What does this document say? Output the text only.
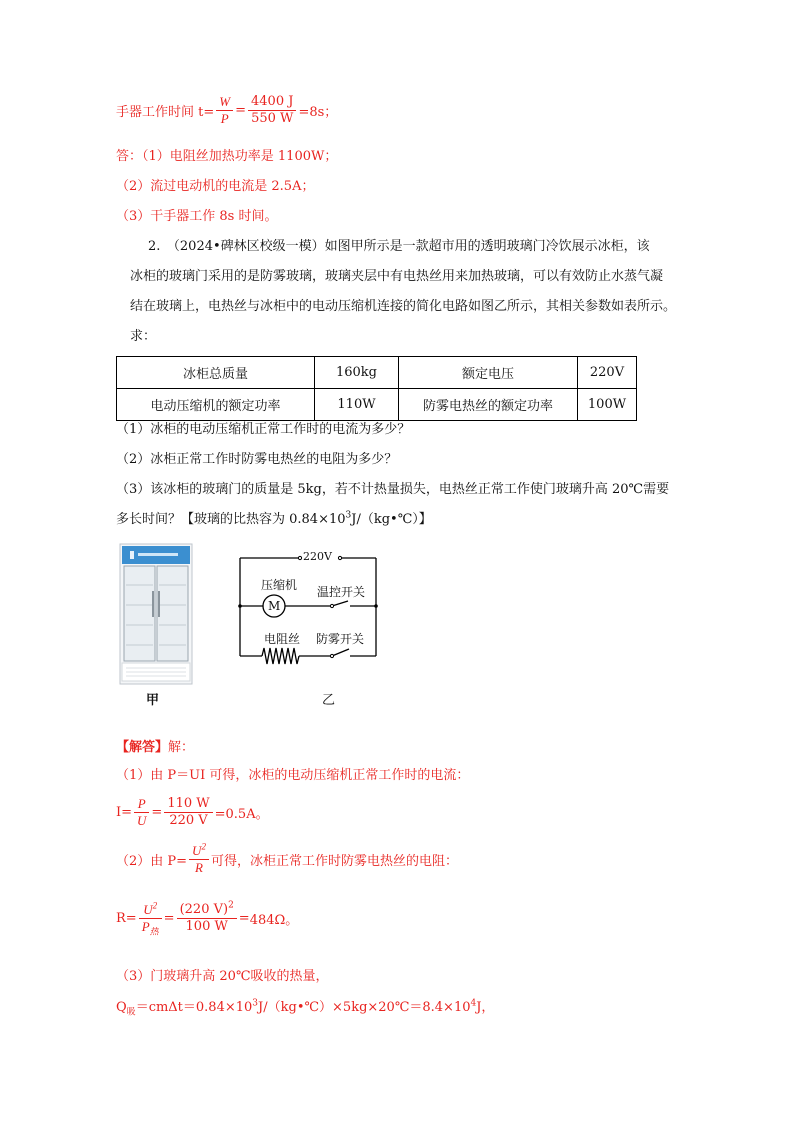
手器工作时间 $t= \frac{W}{P} = \frac{4400 J}{550 W} =8s$；
答：（1）电阻丝加热功率是 1100W；
（2）流过电动机的电流是 2.5A；
（3）干手器工作 8s 时间。
2.　（2024•碑林区校级一模）如图甲所示是一款超市用的透明玻璃门冷饮展示冰柜，该
冰柜的玻璃门采用的是防雾玻璃，玻璃夹层中有电热丝用来加热玻璃，可以有效防止水蒸气凝
结在玻璃上，电热丝与冰柜中的电动压缩机连接的简化电路如图乙所示，其相关参数如表所示。
求：
冰柜总质量	160kg	额定电压	220V
电动压缩机的额定功率	110W	防雾电热丝的额定功率	100W
（1）冰柜的电动压缩机正常工作时的电流为多少？
（2）冰柜正常工作时防雾电热丝的电阻为多少？
（3）该冰柜的玻璃门的质量是 5kg，若不计热量损失，电热丝正常工作使门玻璃升高 20℃需要
多长时间？【玻璃的比热容为 $0.84\times 10^3J/(kg•℃)$】
甲
220V
压缩机
M
温控开关
电阻丝 防雾开关
乙
【解答】解：
（1）由 P＝UI 可得，冰柜的电动压缩机正常工作时的电流：
$I= \frac{P}{U} = \frac{110 W}{220 V} =0.5A$。
（2）由 $P= \frac{U^2}{R}$ 可得，冰柜正常工作时防雾电热丝的电阻：
$R = \frac{U^2}{P_热} = \frac{(220 V)^2}{100 W} = 484\Omega$。
（3）门玻璃升高 20℃吸收的热量，
$Q_吸=cm\Delta t=0.84\times 10^3J/(kg•℃)\times 5kg\times 20℃=8.4\times 10^4J$，
